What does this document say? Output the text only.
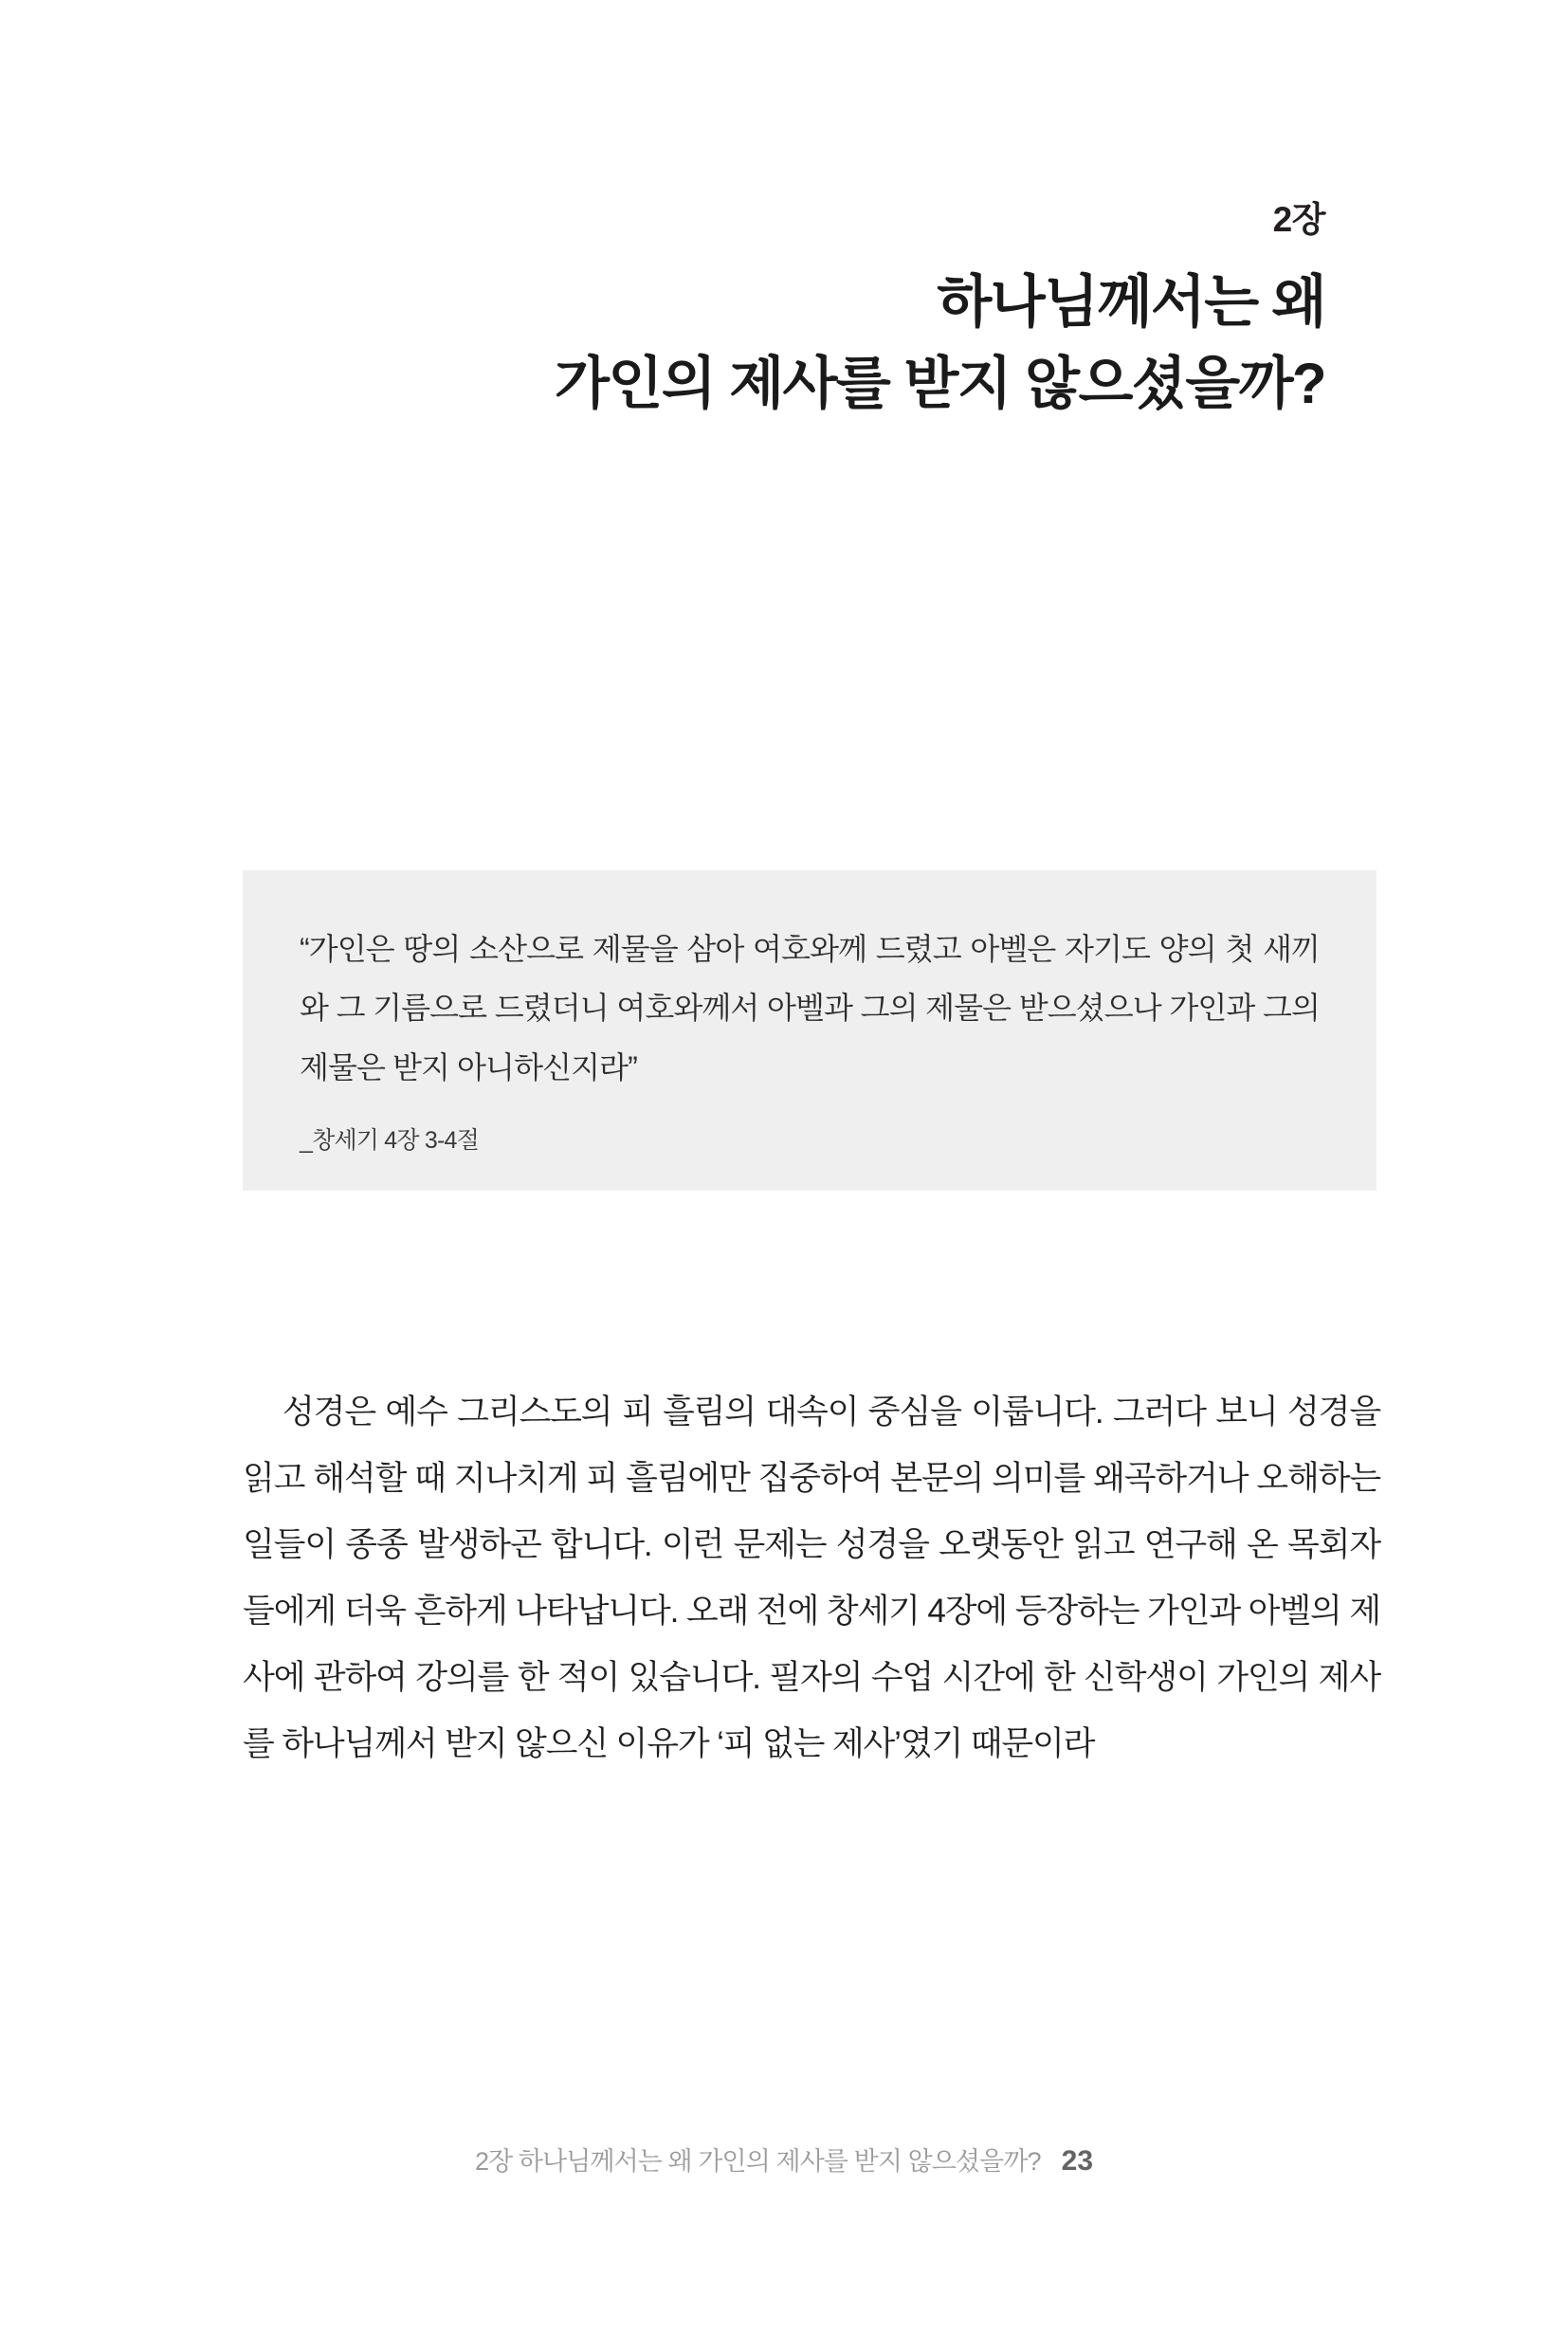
2장
하나님께서는 왜
가인의 제사를 받지 않으셨을까?

“가인은 땅의 소산으로 제물을 삼아 여호와께 드렸고 아벨은 자기도 양의 첫 새끼와 그 기름으로 드렸더니 여호와께서 아벨과 그의 제물은 받으셨으나 가인과 그의 제물은 받지 아니하신지라”

_창세기 4장 3-4절

성경은 예수 그리스도의 피 흘림의 대속이 중심을 이룹니다. 그러다 보니 성경을 읽고 해석할 때 지나치게 피 흘림에만 집중하여 본문의 의미를 왜곡하거나 오해하는 일들이 종종 발생하곤 합니다. 이런 문제는 성경을 오랫동안 읽고 연구해 온 목회자들에게 더욱 흔하게 나타납니다. 오래 전에 창세기 4장에 등장하는 가인과 아벨의 제사에 관하여 강의를 한 적이 있습니다. 필자의 수업 시간에 한 신학생이 가인의 제사를 하나님께서 받지 않으신 이유가 ‘피 없는 제사’였기 때문이라

2장 하나님께서는 왜 가인의 제사를 받지 않으셨을까? 23
